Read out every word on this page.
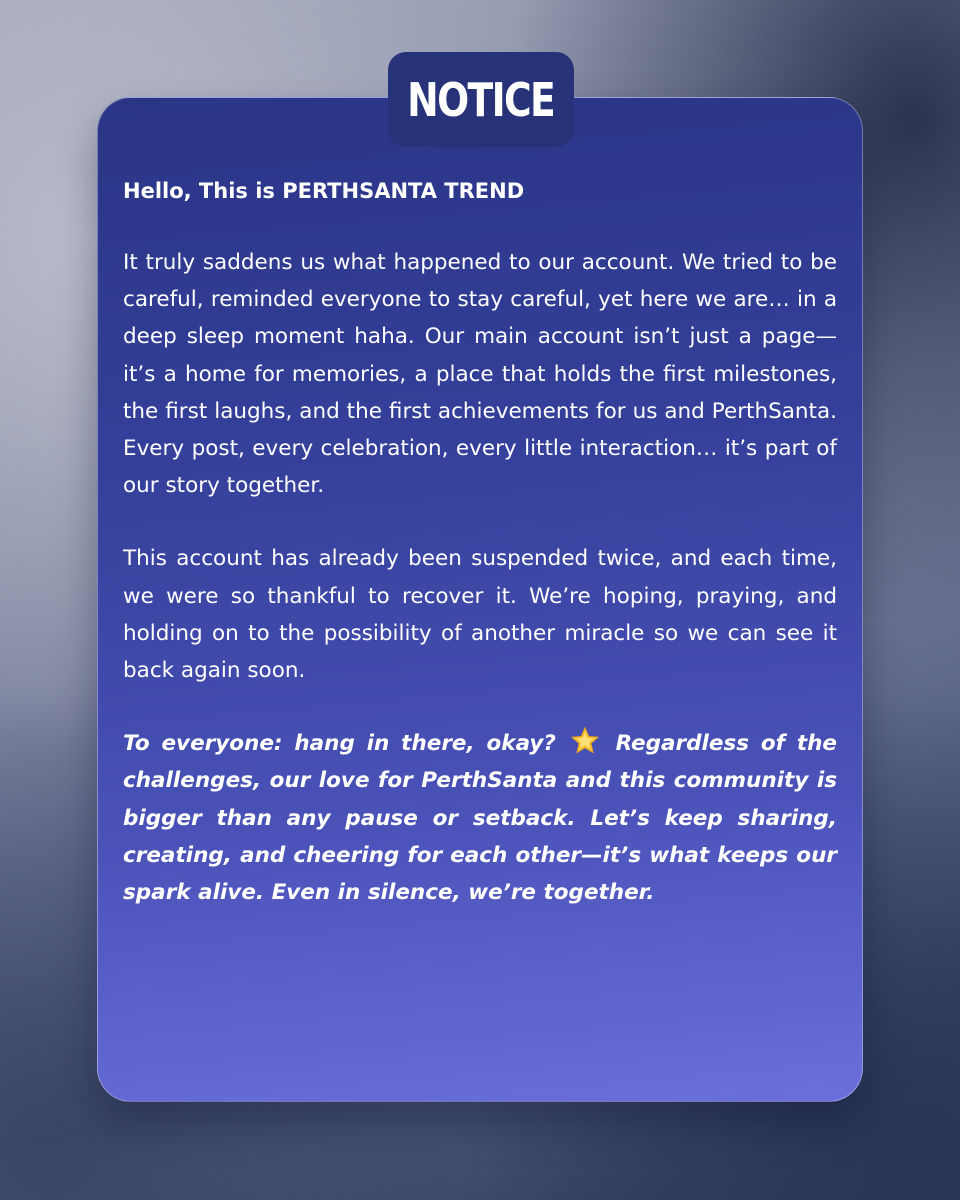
Hello, This is PERTHSANTA TREND

It truly saddens us what happened to our account. We tried to be careful, reminded everyone to stay careful, yet here we are… in a deep sleep moment haha. Our main account isn’t just a page—it’s a home for memories, a place that holds the first milestones, the first laughs, and the first achievements for us and PerthSanta. Every post, every celebration, every little interaction… it’s part of our story together.

This account has already been suspended twice, and each time, we were so thankful to recover it. We’re hoping, praying, and holding on to the possibility of another miracle so we can see it back again soon.

To everyone: hang in there, okay?	Regardless of the challenges, our love for PerthSanta and this community is bigger than any pause or setback. Let’s keep sharing, creating, and cheering for each other—it’s what keeps our spark alive. Even in silence, we’re together.

NOTICE
